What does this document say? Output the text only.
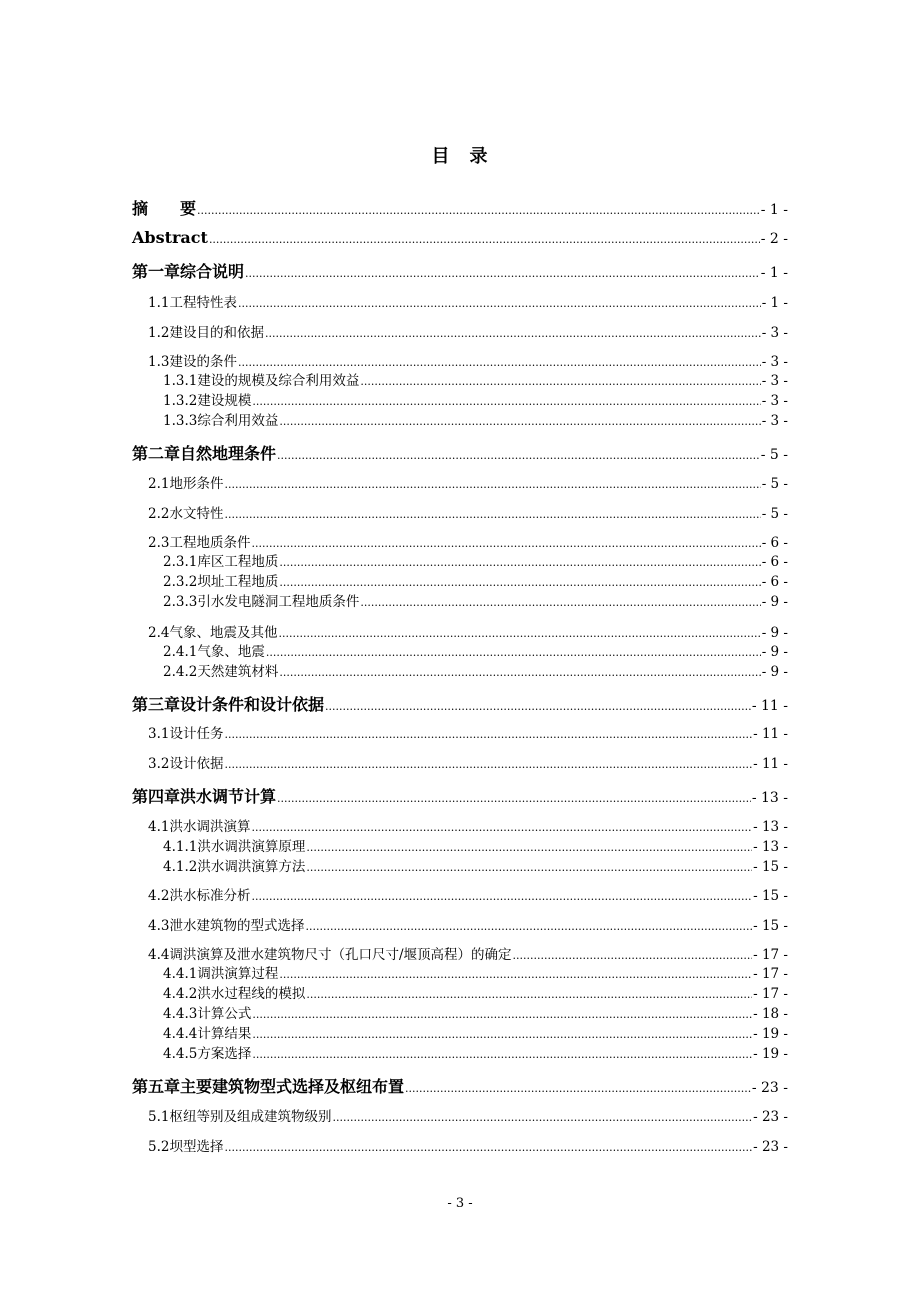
目　录
摘　　要 .....	- 1 -
Abstract .....	- 2 -
第一章 综合说明 .....	- 1 -
1.1 工程特性表 .....	- 1 -
1.2 建设目的和依据 .....	- 3 -
1.3 建设的条件 .....	- 3 -
1.3.1 建设的规模及综合利用效益 .....	- 3 -
1.3.2 建设规模 .....	- 3 -
1.3.3 综合利用效益 .....	- 3 -
第二章 自然地理条件 .....	- 5 -
2.1 地形条件 .....	- 5 -
2.2 水文特性 .....	- 5 -
2.3 工程地质条件 .....	- 6 -
2.3.1 库区工程地质 .....	- 6 -
2.3.2 坝址工程地质 .....	- 6 -
2.3.3 引水发电隧洞工程地质条件 .....	- 9 -
2.4 气象、地震及其他 .....	- 9 -
2.4.1 气象、地震 .....	- 9 -
2.4.2 天然建筑材料 .....	- 9 -
第三章 设计条件和设计依据 .....	- 11 -
3.1 设计任务 .....	- 11 -
3.2 设计依据 .....	- 11 -
第四章 洪水调节计算 .....	- 13 -
4.1 洪水调洪演算 .....	- 13 -
4.1.1 洪水调洪演算原理 .....	- 13 -
4.1.2 洪水调洪演算方法 .....	- 15 -
4.2 洪水标准分析 .....	- 15 -
4.3 泄水建筑物的型式选择 .....	- 15 -
4.4 调洪演算及泄水建筑物尺寸（孔口尺寸/堰顶高程）的确定 .....	- 17 -
4.4.1 调洪演算过程 .....	- 17 -
4.4.2 洪水过程线的模拟 .....	- 17 -
4.4.3 计算公式 .....	- 18 -
4.4.4 计算结果 .....	- 19 -
4.4.5 方案选择 .....	- 19 -
第五章 主要建筑物型式选择及枢纽布置 .....	- 23 -
5.1 枢纽等别及组成建筑物级别 .....	- 23 -
5.2 坝型选择 .....	- 23 -
- 3 -
